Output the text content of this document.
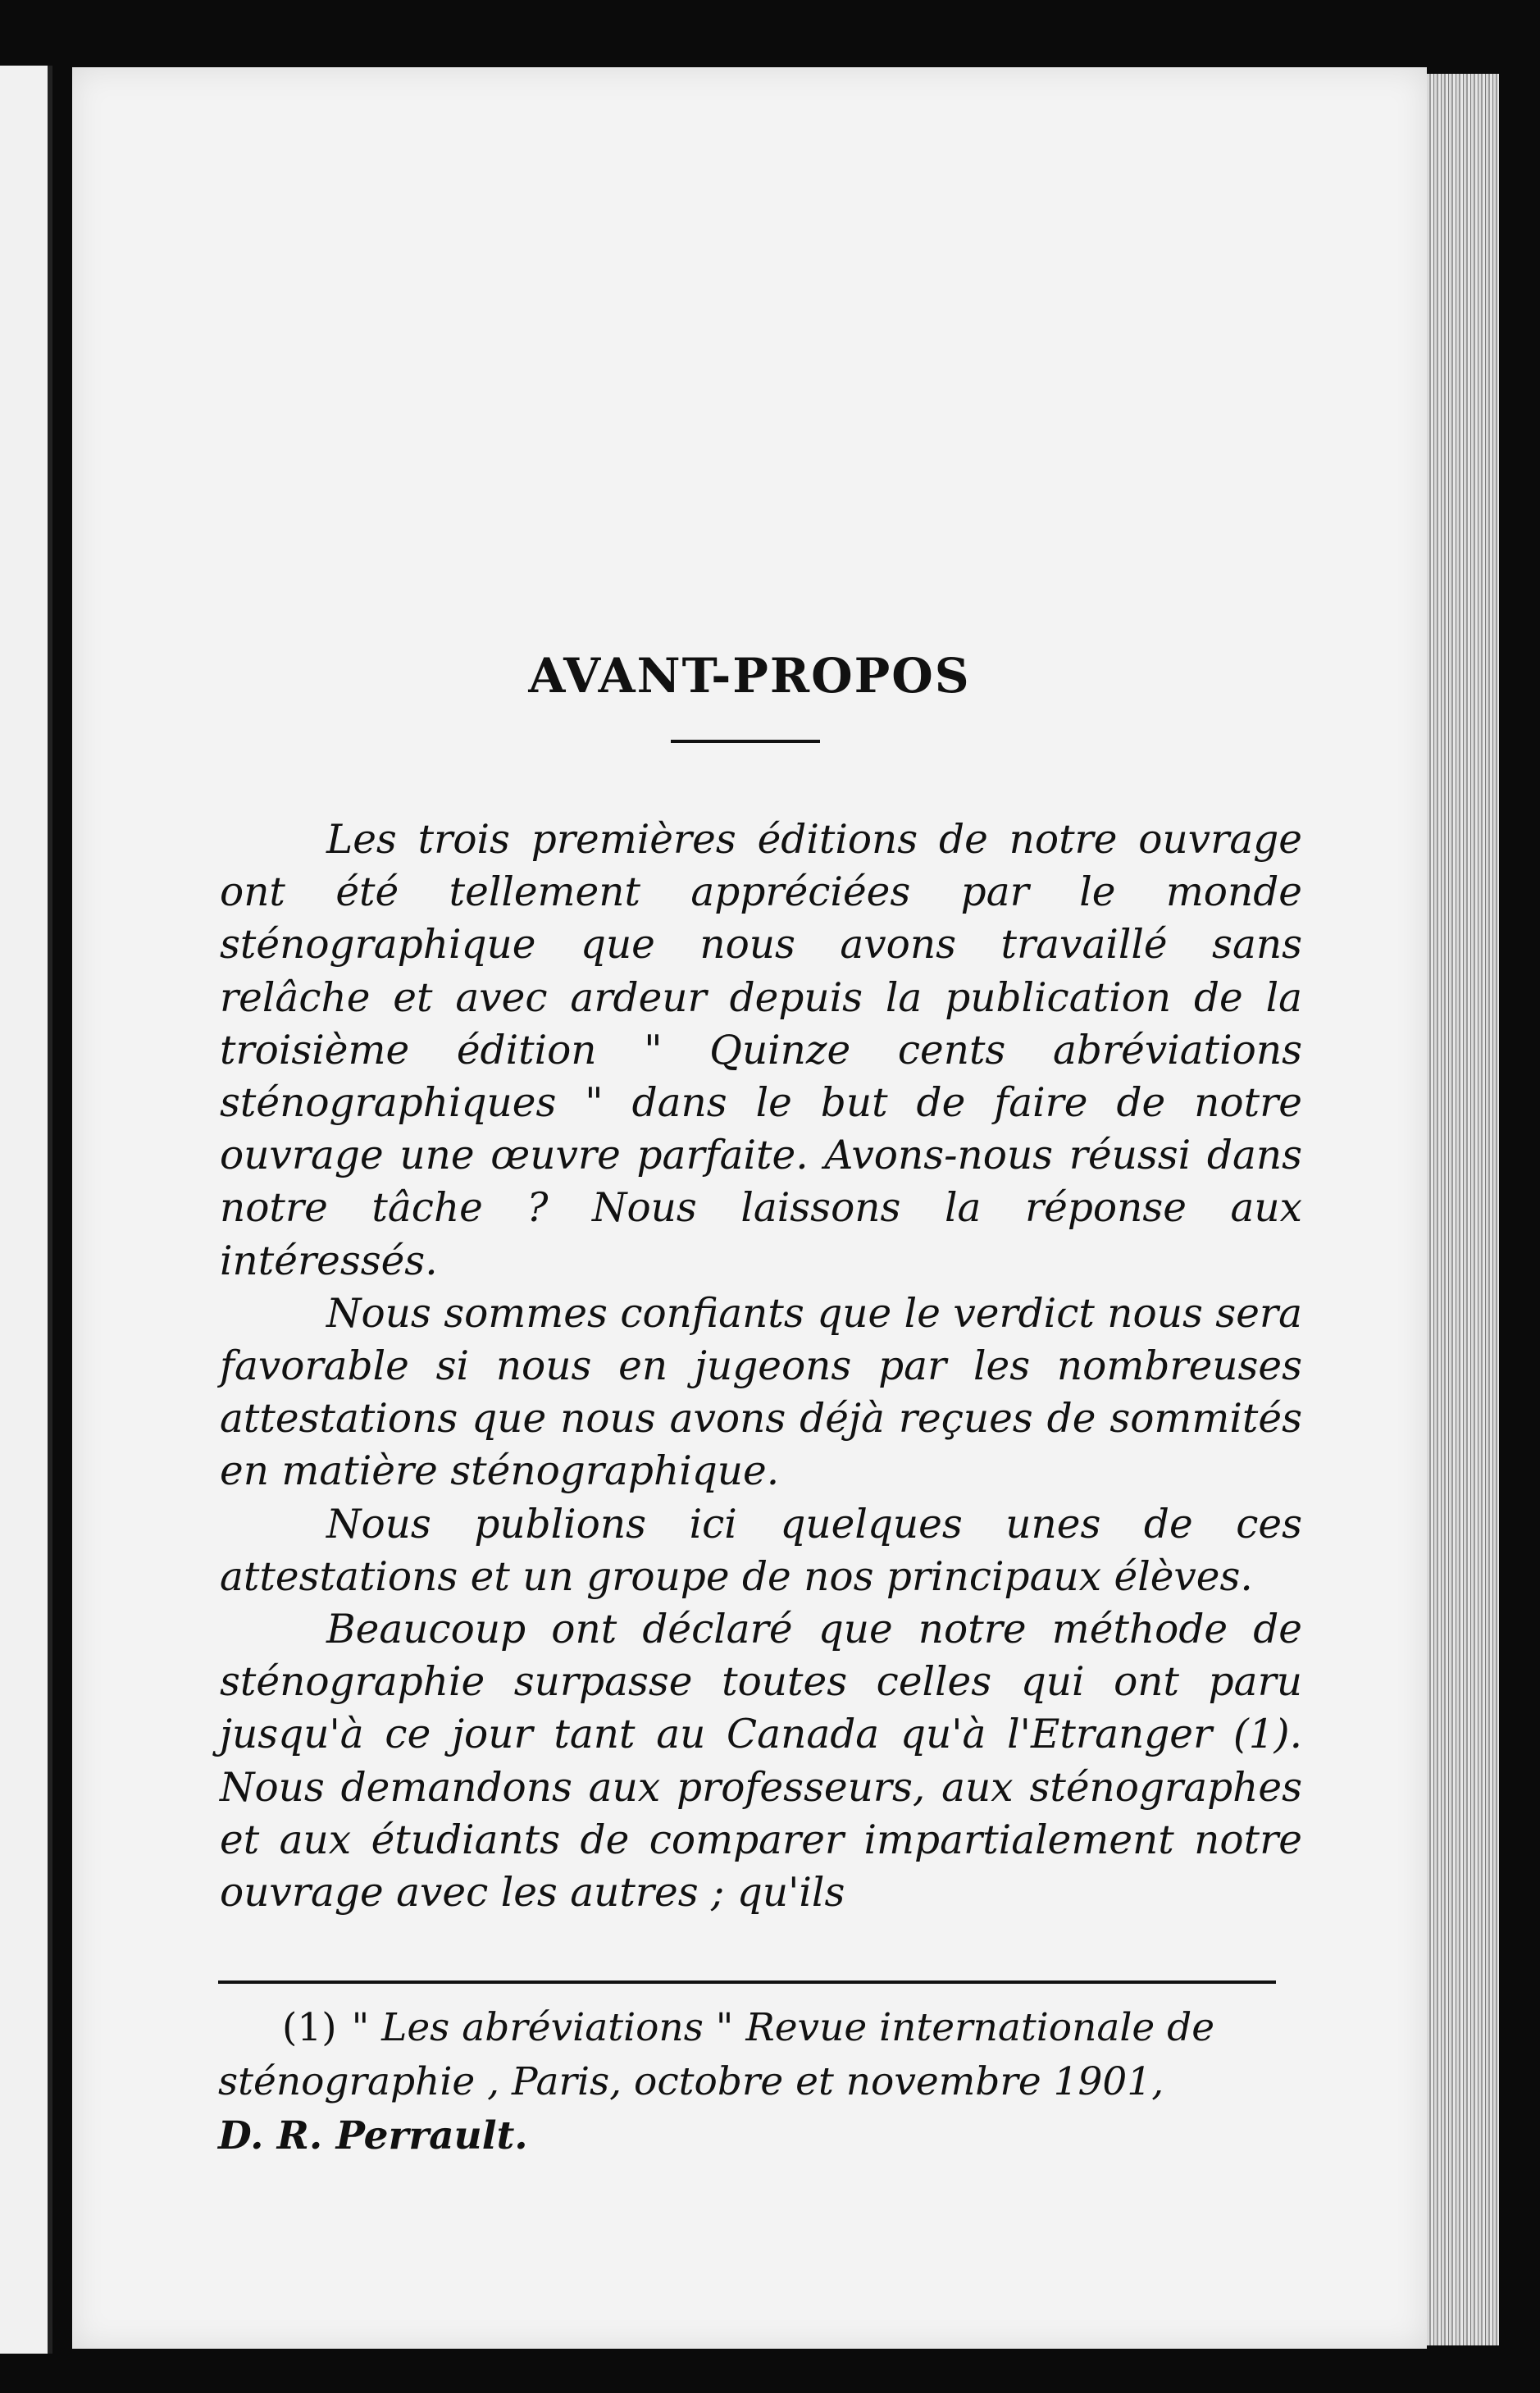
AVANT-PROPOS

Les trois premières éditions de notre ouvrage ont été tellement appréciées par le monde sténographique que nous avons travaillé sans relâche et avec ardeur depuis la publication de la troisième édition " Quinze cents abréviations sténographiques " dans le but de faire de notre ouvrage une œuvre parfaite. Avons-nous réussi dans notre tâche ? Nous laissons la réponse aux intéressés.

Nous sommes confiants que le verdict nous sera favorable si nous en jugeons par les nombreuses attestations que nous avons déjà reçues de sommités en matière sténographique.

Nous publions ici quelques unes de ces attestations et un groupe de nos principaux élèves.

Beaucoup ont déclaré que notre méthode de sténographie surpasse toutes celles qui ont paru jusqu'à ce jour tant au Canada qu'à l'Etranger (1). Nous demandons aux professeurs, aux sténographes et aux étudiants de comparer impartialement notre ouvrage avec les autres ; qu'ils

(1) " Les abréviations " Revue internationale de sténographie , Paris, octobre et novembre 1901,
D. R. Perrault.
